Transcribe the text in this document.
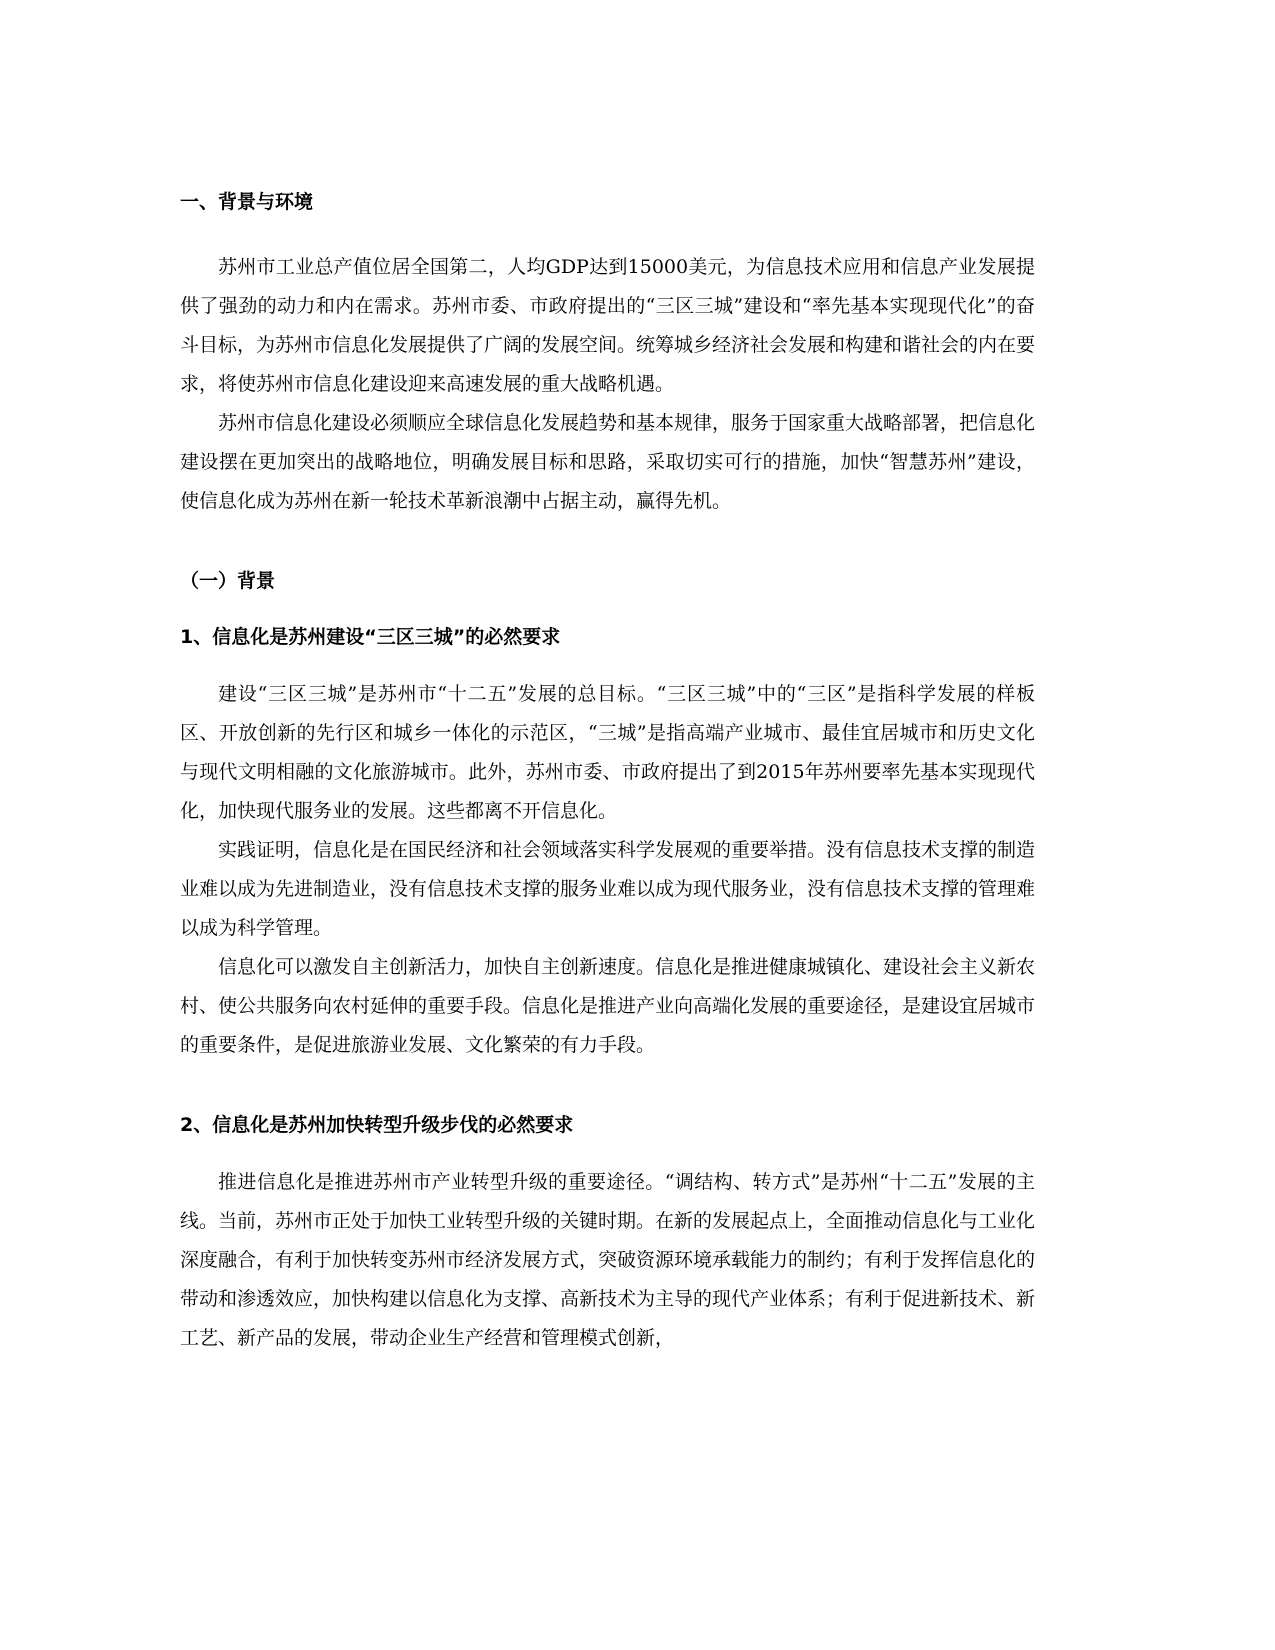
一、背景与环境

苏州市工业总产值位居全国第二，人均GDP达到15000美元，为信息技术应用和信息产业发展提供了强劲的动力和内在需求。苏州市委、市政府提出的“三区三城”建设和“率先基本实现现代化”的奋斗目标，为苏州市信息化发展提供了广阔的发展空间。统筹城乡经济社会发展和构建和谐社会的内在要求，将使苏州市信息化建设迎来高速发展的重大战略机遇。

苏州市信息化建设必须顺应全球信息化发展趋势和基本规律，服务于国家重大战略部署，把信息化建设摆在更加突出的战略地位，明确发展目标和思路，采取切实可行的措施，加快“智慧苏州”建设，使信息化成为苏州在新一轮技术革新浪潮中占据主动，赢得先机。

（一）背景
1、信息化是苏州建设“三区三城”的必然要求

建设“三区三城”是苏州市“十二五”发展的总目标。“三区三城”中的“三区”是指科学发展的样板区、开放创新的先行区和城乡一体化的示范区，“三城”是指高端产业城市、最佳宜居城市和历史文化与现代文明相融的文化旅游城市。此外，苏州市委、市政府提出了到2015年苏州要率先基本实现现代化，加快现代服务业的发展。这些都离不开信息化。

实践证明，信息化是在国民经济和社会领域落实科学发展观的重要举措。没有信息技术支撑的制造业难以成为先进制造业，没有信息技术支撑的服务业难以成为现代服务业，没有信息技术支撑的管理难以成为科学管理。

信息化可以激发自主创新活力，加快自主创新速度。信息化是推进健康城镇化、建设社会主义新农村、使公共服务向农村延伸的重要手段。信息化是推进产业向高端化发展的重要途径，是建设宜居城市的重要条件，是促进旅游业发展、文化繁荣的有力手段。

2、信息化是苏州加快转型升级步伐的必然要求

推进信息化是推进苏州市产业转型升级的重要途径。“调结构、转方式”是苏州“十二五”发展的主线。当前，苏州市正处于加快工业转型升级的关键时期。在新的发展起点上，全面推动信息化与工业化深度融合，有利于加快转变苏州市经济发展方式，突破资源环境承载能力的制约；有利于发挥信息化的带动和渗透效应，加快构建以信息化为支撑、高新技术为主导的现代产业体系；有利于促进新技术、新工艺、新产品的发展，带动企业生产经营和管理模式创新，
